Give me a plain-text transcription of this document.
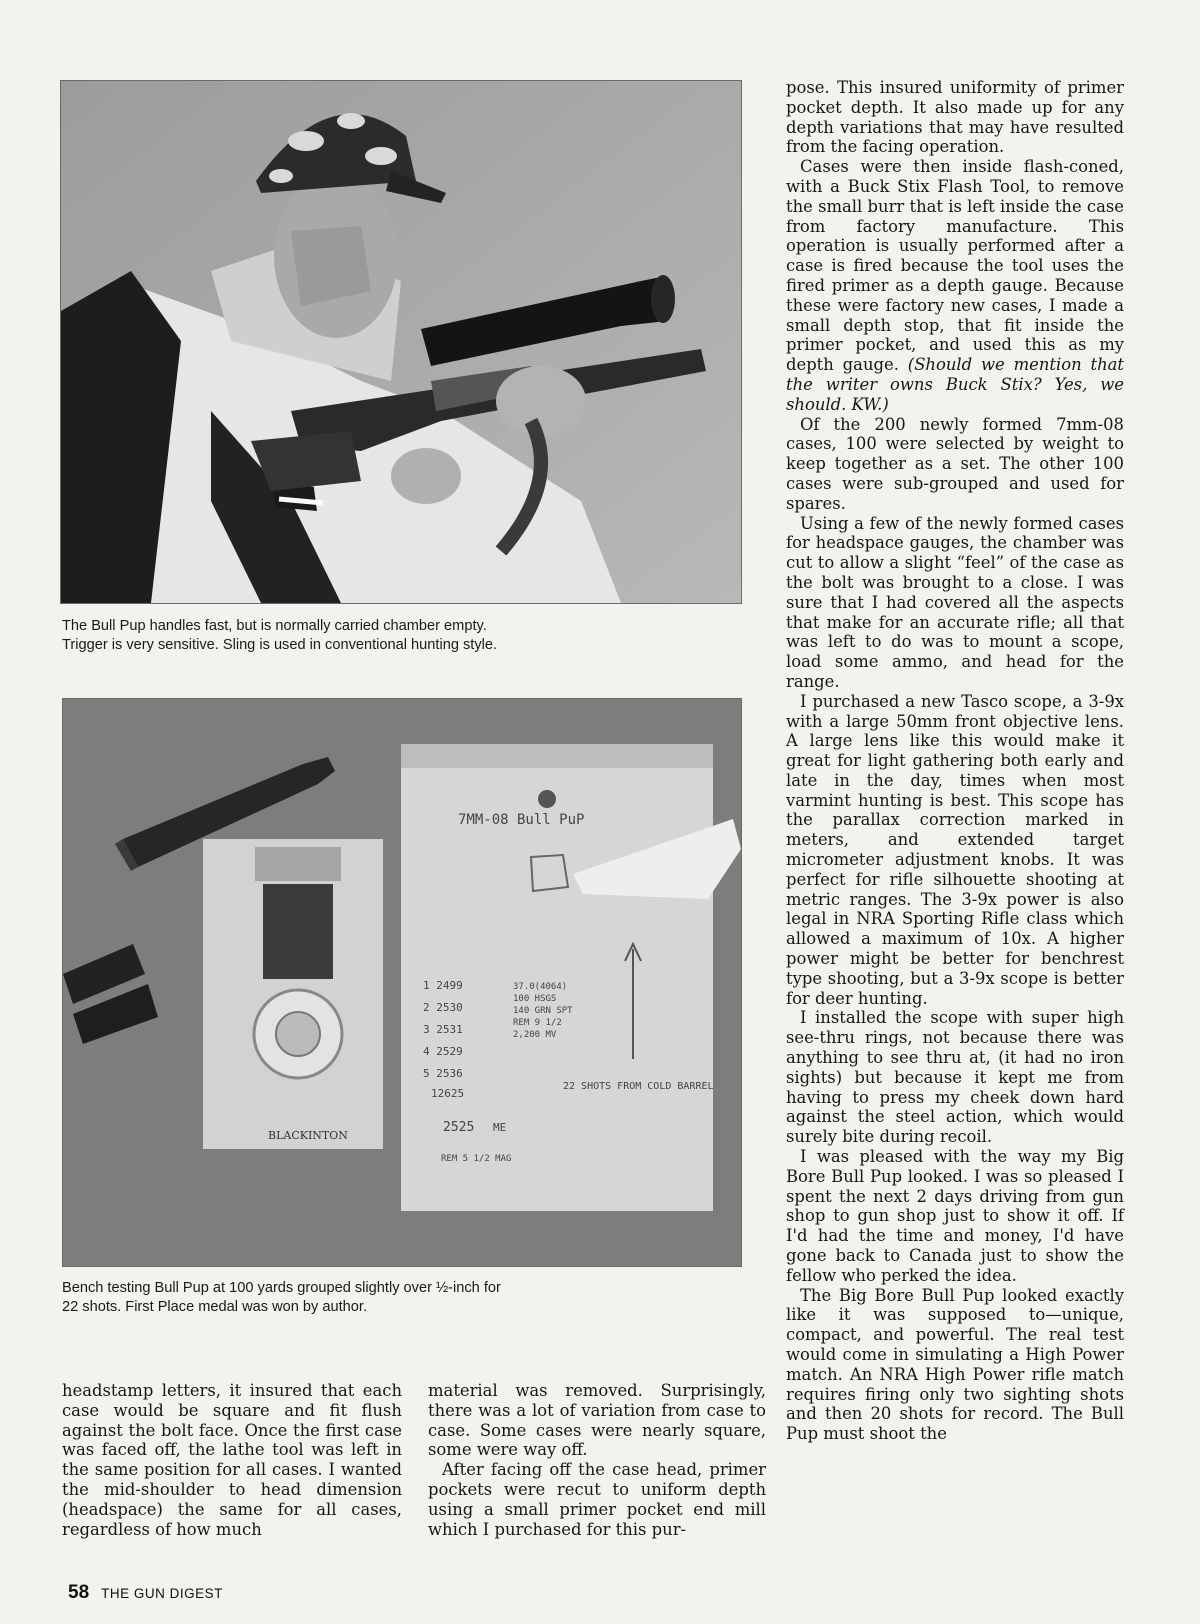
The Bull Pup handles fast, but is normally carried chamber empty. Trigger is very sensitive. Sling is used in conventional hunting style.

BLACKINTON
7MM-08 Bull PuP
1 2499
2 2530
3 2531
4 2529
5 2536
12625
2525 ME
REM 5 1/2 MAG
37.0(4064)
100 HSGS
140 GRN SPT
REM 9 1/2
2,200 MV
22 SHOTS FROM COLD BARREL

Bench testing Bull Pup at 100 yards grouped slightly over ½-inch for 22 shots. First Place medal was won by author.

pose. This insured uniformity of primer pocket depth. It also made up for any depth variations that may have resulted from the facing operation.

Cases were then inside flash-coned, with a Buck Stix Flash Tool, to remove the small burr that is left inside the case from factory manufacture. This operation is usually performed after a case is fired because the tool uses the fired primer as a depth gauge. Because these were factory new cases, I made a small depth stop, that fit inside the primer pocket, and used this as my depth gauge. (Should we mention that the writer owns Buck Stix? Yes, we should. KW.)

Of the 200 newly formed 7mm-08 cases, 100 were selected by weight to keep together as a set. The other 100 cases were sub-grouped and used for spares.

Using a few of the newly formed cases for headspace gauges, the chamber was cut to allow a slight “feel” of the case as the bolt was brought to a close. I was sure that I had covered all the aspects that make for an accurate rifle; all that was left to do was to mount a scope, load some ammo, and head for the range.

I purchased a new Tasco scope, a 3-9x with a large 50mm front objective lens. A large lens like this would make it great for light gathering both early and late in the day, times when most varmint hunting is best. This scope has the parallax correction marked in meters, and extended target micrometer adjustment knobs. It was perfect for rifle silhouette shooting at metric ranges. The 3-9x power is also legal in NRA Sporting Rifle class which allowed a maximum of 10x. A higher power might be better for benchrest type shooting, but a 3-9x scope is better for deer hunting.

I installed the scope with super high see-thru rings, not because there was anything to see thru at, (it had no iron sights) but because it kept me from having to press my cheek down hard against the steel action, which would surely bite during recoil.

I was pleased with the way my Big Bore Bull Pup looked. I was so pleased I spent the next 2 days driving from gun shop to gun shop just to show it off. If I'd had the time and money, I'd have gone back to Canada just to show the fellow who perked the idea.

The Big Bore Bull Pup looked exactly like it was supposed to—unique, compact, and powerful. The real test would come in simulating a High Power match. An NRA High Power rifle match requires firing only two sighting shots and then 20 shots for record. The Bull Pup must shoot the

headstamp letters, it insured that each case would be square and fit flush against the bolt face. Once the first case was faced off, the lathe tool was left in the same position for all cases. I wanted the mid-shoulder to head dimension (headspace) the same for all cases, regardless of how much

material was removed. Surprisingly, there was a lot of variation from case to case. Some cases were nearly square, some were way off.

After facing off the case head, primer pockets were recut to uniform depth using a small primer pocket end mill which I purchased for this pur-

58 THE GUN DIGEST
